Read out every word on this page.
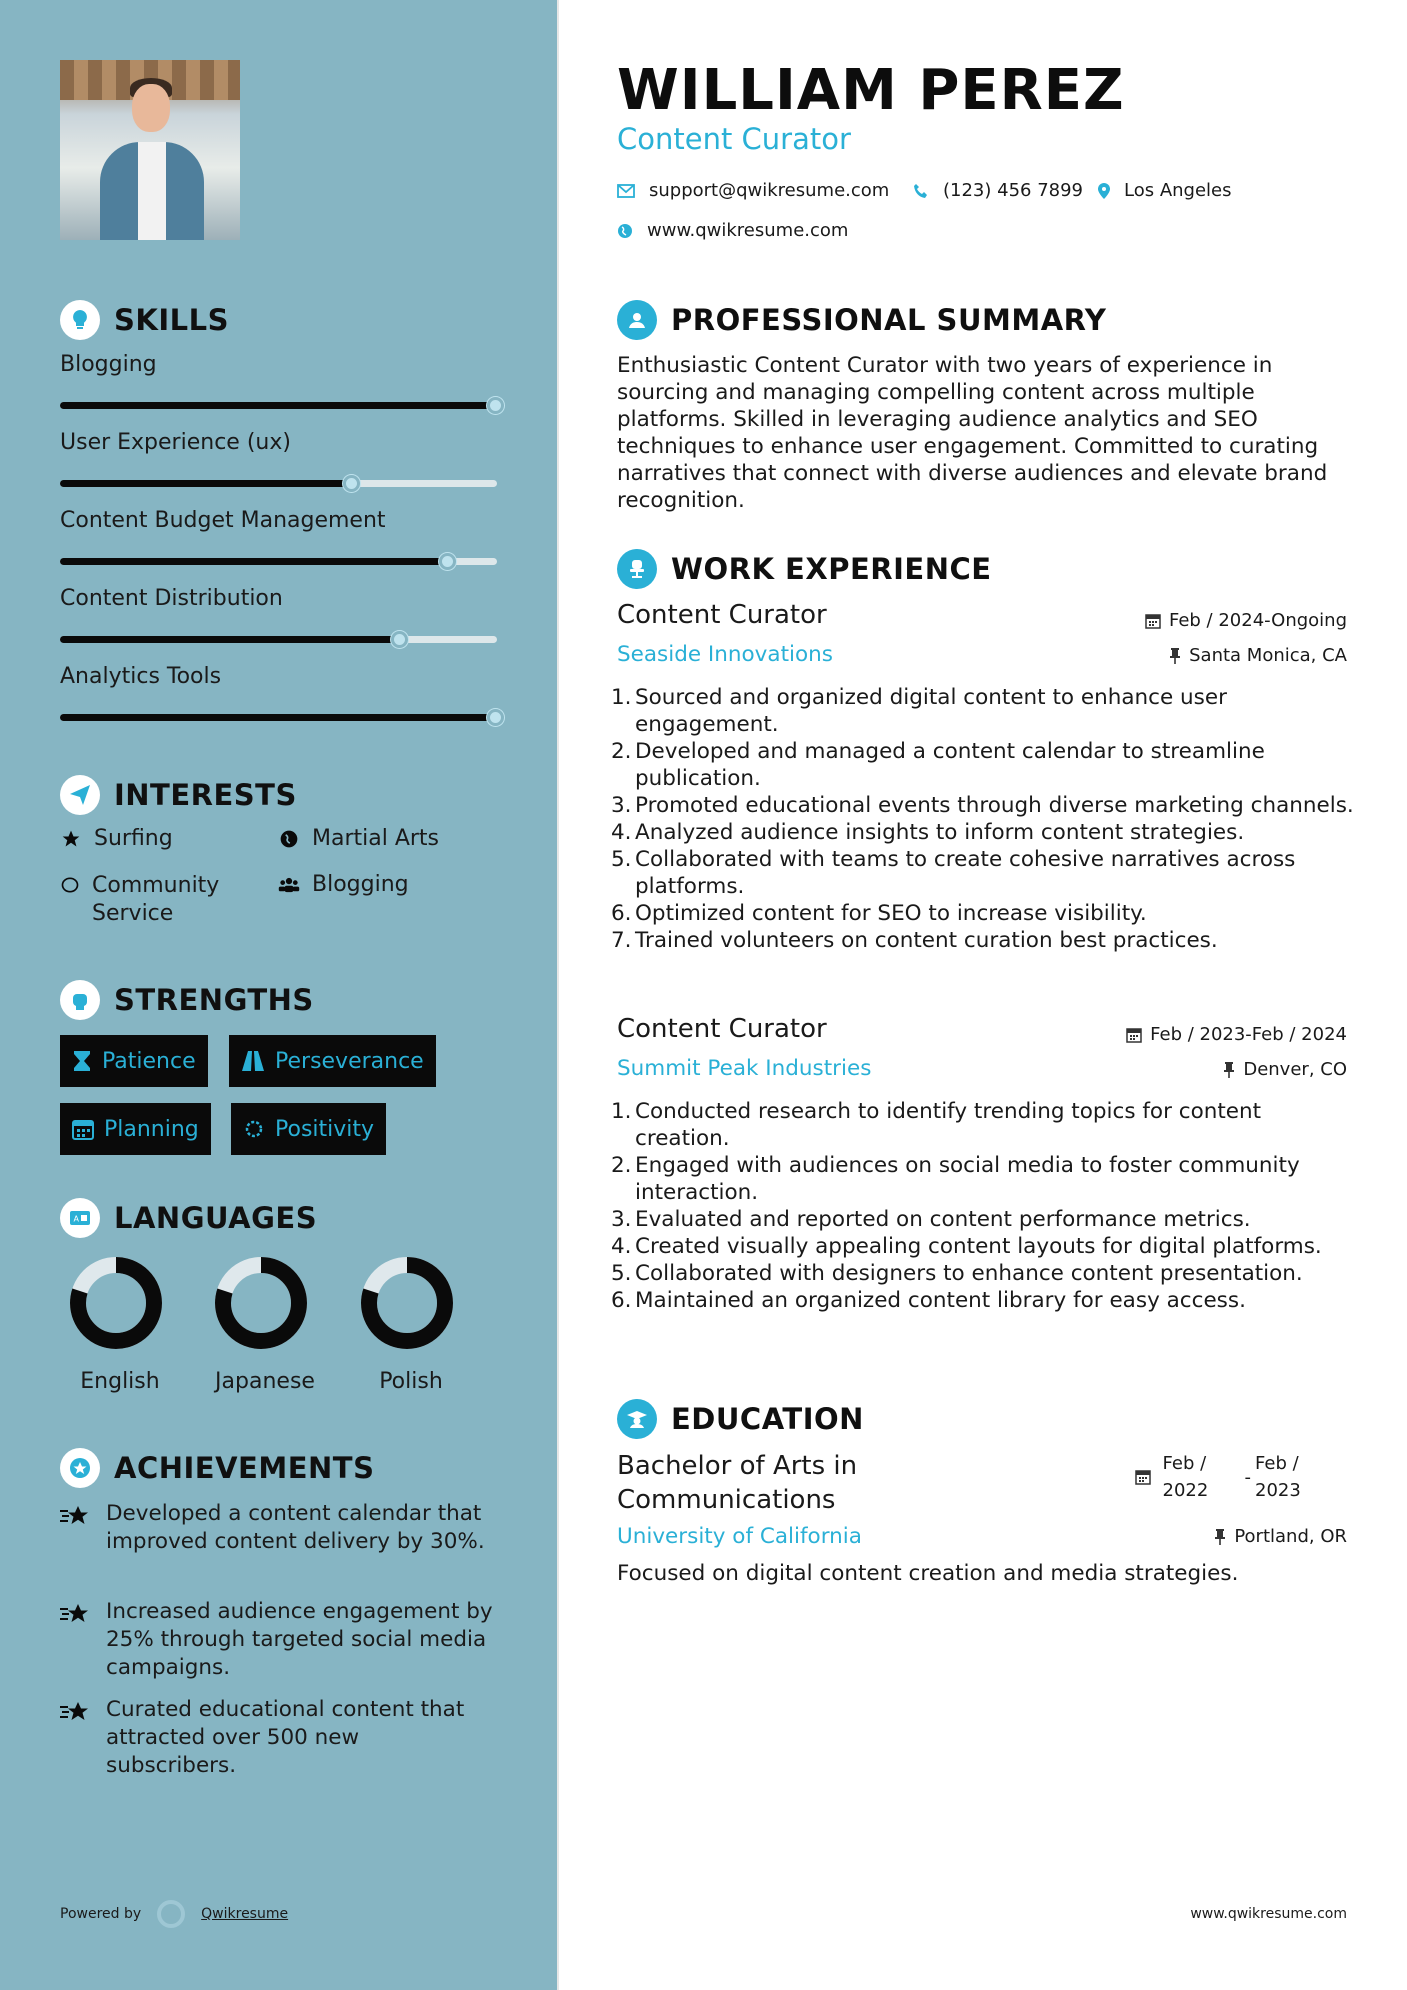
SKILLS
Blogging
User Experience (ux)
Content Budget Management
Content Distribution
Analytics Tools
INTERESTS
Surfing	Martial Arts
Community Service
Blogging
STRENGTHS
Patience	Perseverance
Planning	Positivity
A LANGUAGES
English	Japanese	Polish
ACHIEVEMENTS
Developed a content calendar that improved content delivery by 30%.
Increased audience engagement by 25% through targeted social media campaigns.
Curated educational content that attracted over 500 new subscribers.
Powered by	Qwikresume
WILLIAM PEREZ
Content Curator
support@qwikresume.com	(123) 456 7899 Los Angeles
www.qwikresume.com
PROFESSIONAL SUMMARY
Enthusiastic Content Curator with two years of experience in sourcing and managing compelling content across multiple platforms. Skilled in leveraging audience analytics and SEO techniques to enhance user engagement. Committed to curating narratives that connect with diverse audiences and elevate brand recognition.
WORK EXPERIENCE
Content Curator	Feb / 2024-Ongoing
Seaside Innovations	Santa Monica, CA
1. Sourced and organized digital content to enhance user engagement.
2. Developed and managed a content calendar to streamline publication.
3. Promoted educational events through diverse marketing channels.
4. Analyzed audience insights to inform content strategies.
5. Collaborated with teams to create cohesive narratives across platforms.
6. Optimized content for SEO to increase visibility.
7. Trained volunteers on content curation best practices.
Content Curator	Feb / 2023-Feb / 2024
Summit Peak Industries	Denver, CO
1. Conducted research to identify trending topics for content creation.
2. Engaged with audiences on social media to foster community interaction.
3. Evaluated and reported on content performance metrics.
4. Created visually appealing content layouts for digital platforms.
5. Collaborated with designers to enhance content presentation.
6. Maintained an organized content library for easy access.
EDUCATION
Bachelor of Arts in Communications
Feb / 2022
-
Feb / 2023
University of California	Portland, OR
Focused on digital content creation and media strategies.
www.qwikresume.com
